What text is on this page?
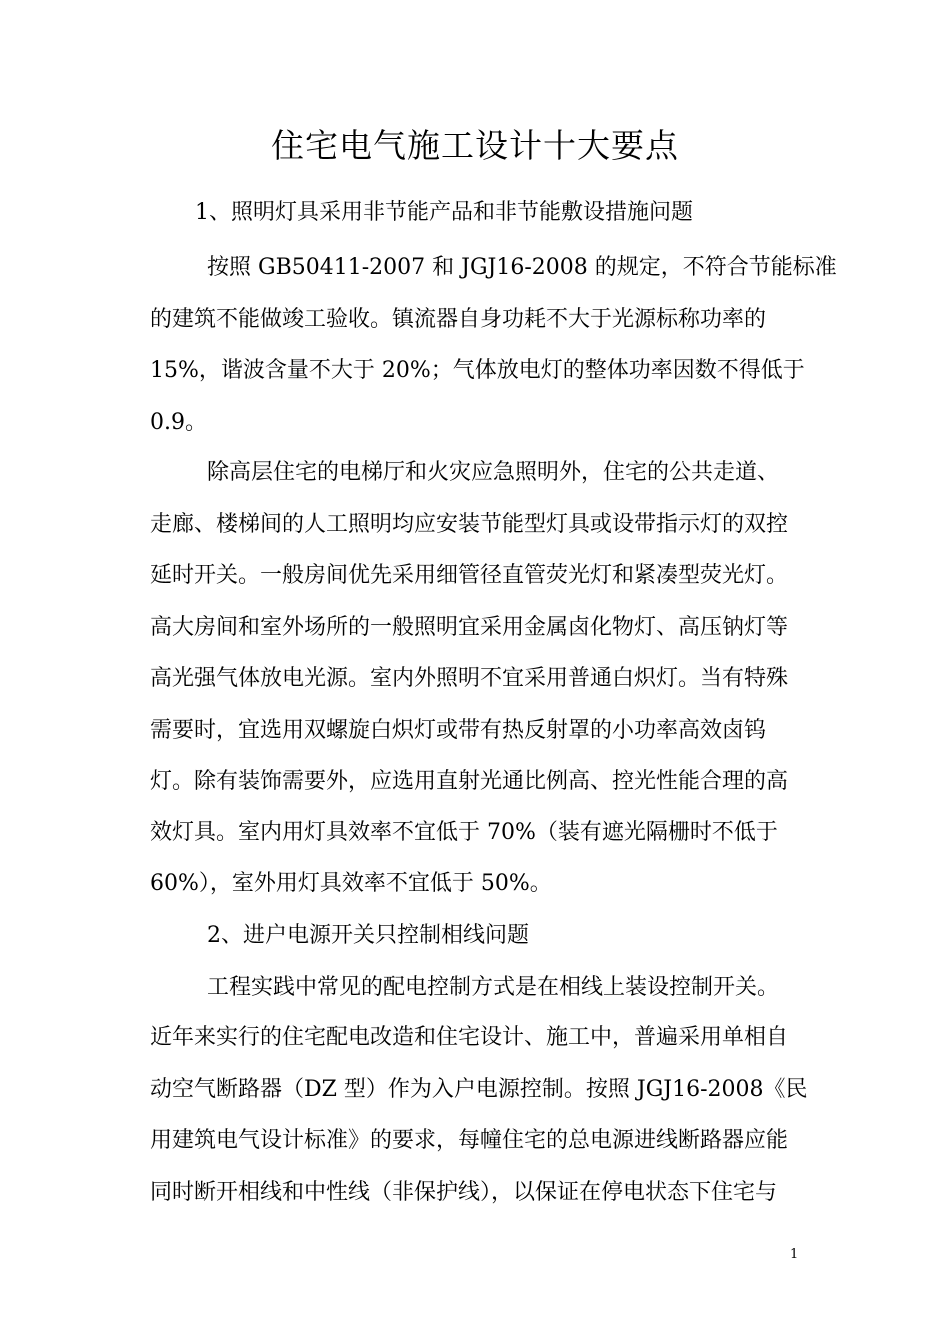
住宅电气施工设计十大要点
1、照明灯具采用非节能产品和非节能敷设措施问题
按照 GB50411-2007 和 JGJ16-2008 的规定，不符合节能标准
的建筑不能做竣工验收。镇流器自身功耗不大于光源标称功率的
15%，谐波含量不大于 20%；气体放电灯的整体功率因数不得低于
0.9。
除高层住宅的电梯厅和火灾应急照明外，住宅的公共走道、
走廊、楼梯间的人工照明均应安装节能型灯具或设带指示灯的双控
延时开关。一般房间优先采用细管径直管荧光灯和紧凑型荧光灯。
高大房间和室外场所的一般照明宜采用金属卤化物灯、高压钠灯等
高光强气体放电光源。室内外照明不宜采用普通白炽灯。当有特殊
需要时，宜选用双螺旋白炽灯或带有热反射罩的小功率高效卤钨
灯。除有装饰需要外，应选用直射光通比例高、控光性能合理的高
效灯具。室内用灯具效率不宜低于 70%（装有遮光隔栅时不低于
60%），室外用灯具效率不宜低于 50%。
2、进户电源开关只控制相线问题
工程实践中常见的配电控制方式是在相线上装设控制开关。
近年来实行的住宅配电改造和住宅设计、施工中，普遍采用单相自
动空气断路器（DZ 型）作为入户电源控制。按照 JGJ16-2008《民
用建筑电气设计标准》的要求，每幢住宅的总电源进线断路器应能
同时断开相线和中性线（非保护线），以保证在停电状态下住宅与
1
